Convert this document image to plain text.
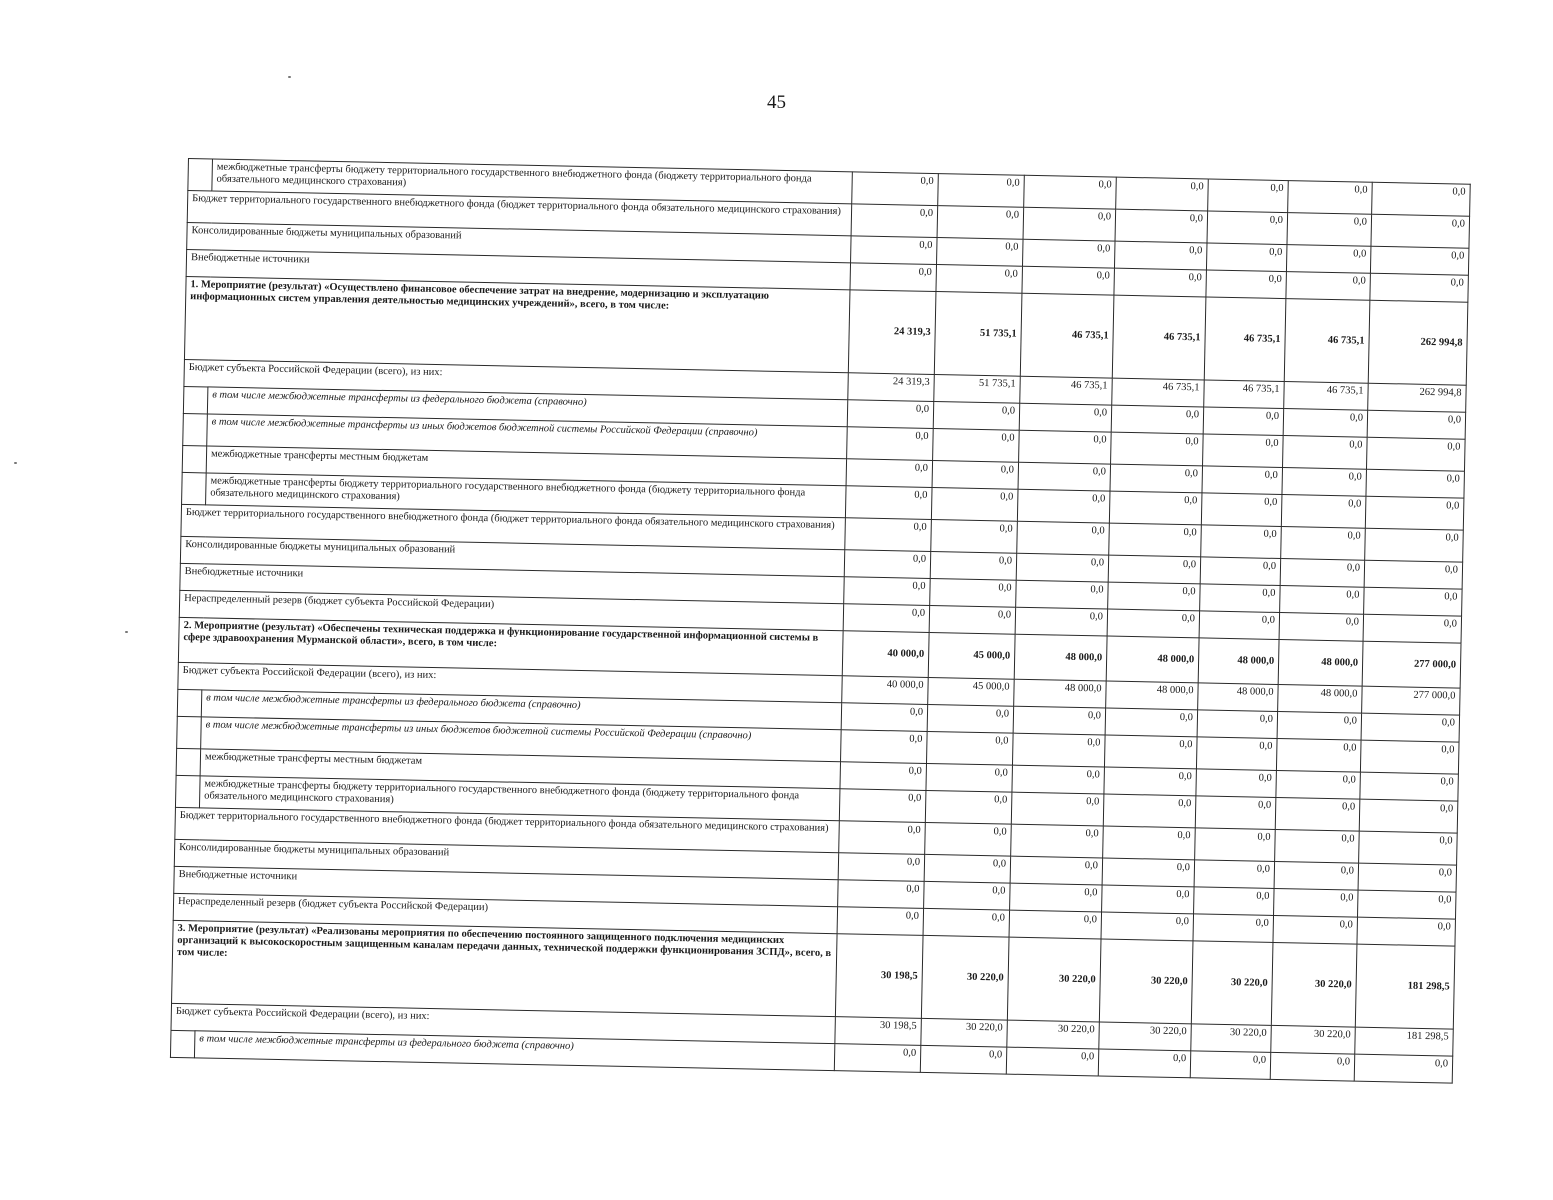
45
	межбюджетные трансферты бюджету территориального государственного внебюджетного фонда (бюджету территориального фонда обязательного медицинского страхования)	0,0	0,0	0,0	0,0	0,0	0,0	0,0
Бюджет территориального государственного внебюджетного фонда (бюджет территориального фонда обязательного медицинского страхования)		0,0	0,0	0,0	0,0	0,0	0,0	0,0
Консолидированные бюджеты муниципальных образований		0,0	0,0	0,0	0,0	0,0	0,0	0,0
Внебюджетные источники		0,0	0,0	0,0	0,0	0,0	0,0	0,0
1. Мероприятие (результат) «Осуществлено финансовое обеспечение затрат на внедрение, модернизацию и эксплуатацию информационных систем управления деятельностью медицинских учреждений», всего, в том числе:		24 319,3	51 735,1	46 735,1	46 735,1	46 735,1	46 735,1	262 994,8
Бюджет субъекта Российской Федерации (всего), из них:		24 319,3	51 735,1	46 735,1	46 735,1	46 735,1	46 735,1	262 994,8
	в том числе межбюджетные трансферты из федерального бюджета (справочно)	0,0	0,0	0,0	0,0	0,0	0,0	0,0
	в том числе межбюджетные трансферты из иных бюджетов бюджетной системы Российской Федерации (справочно)	0,0	0,0	0,0	0,0	0,0	0,0	0,0
	межбюджетные трансферты местным бюджетам	0,0	0,0	0,0	0,0	0,0	0,0	0,0
	межбюджетные трансферты бюджету территориального государственного внебюджетного фонда (бюджету территориального фонда обязательного медицинского страхования)	0,0	0,0	0,0	0,0	0,0	0,0	0,0
Бюджет территориального государственного внебюджетного фонда (бюджет территориального фонда обязательного медицинского страхования)		0,0	0,0	0,0	0,0	0,0	0,0	0,0
Консолидированные бюджеты муниципальных образований		0,0	0,0	0,0	0,0	0,0	0,0	0,0
Внебюджетные источники		0,0	0,0	0,0	0,0	0,0	0,0	0,0
Нераспределенный резерв (бюджет субъекта Российской Федерации)		0,0	0,0	0,0	0,0	0,0	0,0	0,0
2. Мероприятие (результат) «Обеспечены техническая поддержка и функционирование государственной информационной системы в сфере здравоохранения Мурманской области», всего, в том числе:		40 000,0	45 000,0	48 000,0	48 000,0	48 000,0	48 000,0	277 000,0
Бюджет субъекта Российской Федерации (всего), из них:		40 000,0	45 000,0	48 000,0	48 000,0	48 000,0	48 000,0	277 000,0
	в том числе межбюджетные трансферты из федерального бюджета (справочно)	0,0	0,0	0,0	0,0	0,0	0,0	0,0
	в том числе межбюджетные трансферты из иных бюджетов бюджетной системы Российской Федерации (справочно)	0,0	0,0	0,0	0,0	0,0	0,0	0,0
	межбюджетные трансферты местным бюджетам	0,0	0,0	0,0	0,0	0,0	0,0	0,0
	межбюджетные трансферты бюджету территориального государственного внебюджетного фонда (бюджету территориального фонда обязательного медицинского страхования)	0,0	0,0	0,0	0,0	0,0	0,0	0,0
Бюджет территориального государственного внебюджетного фонда (бюджет территориального фонда обязательного медицинского страхования)		0,0	0,0	0,0	0,0	0,0	0,0	0,0
Консолидированные бюджеты муниципальных образований		0,0	0,0	0,0	0,0	0,0	0,0	0,0
Внебюджетные источники		0,0	0,0	0,0	0,0	0,0	0,0	0,0
Нераспределенный резерв (бюджет субъекта Российской Федерации)		0,0	0,0	0,0	0,0	0,0	0,0	0,0
3. Мероприятие (результат) «Реализованы мероприятия по обеспечению постоянного защищенного подключения медицинских организаций к высокоскоростным защищенным каналам передачи данных, технической поддержки функционирования ЗСПД», всего, в том числе:		30 198,5	30 220,0	30 220,0	30 220,0	30 220,0	30 220,0	181 298,5
Бюджет субъекта Российской Федерации (всего), из них:		30 198,5	30 220,0	30 220,0	30 220,0	30 220,0	30 220,0	181 298,5
	в том числе межбюджетные трансферты из федерального бюджета (справочно)	0,0	0,0	0,0	0,0	0,0	0,0	0,0
